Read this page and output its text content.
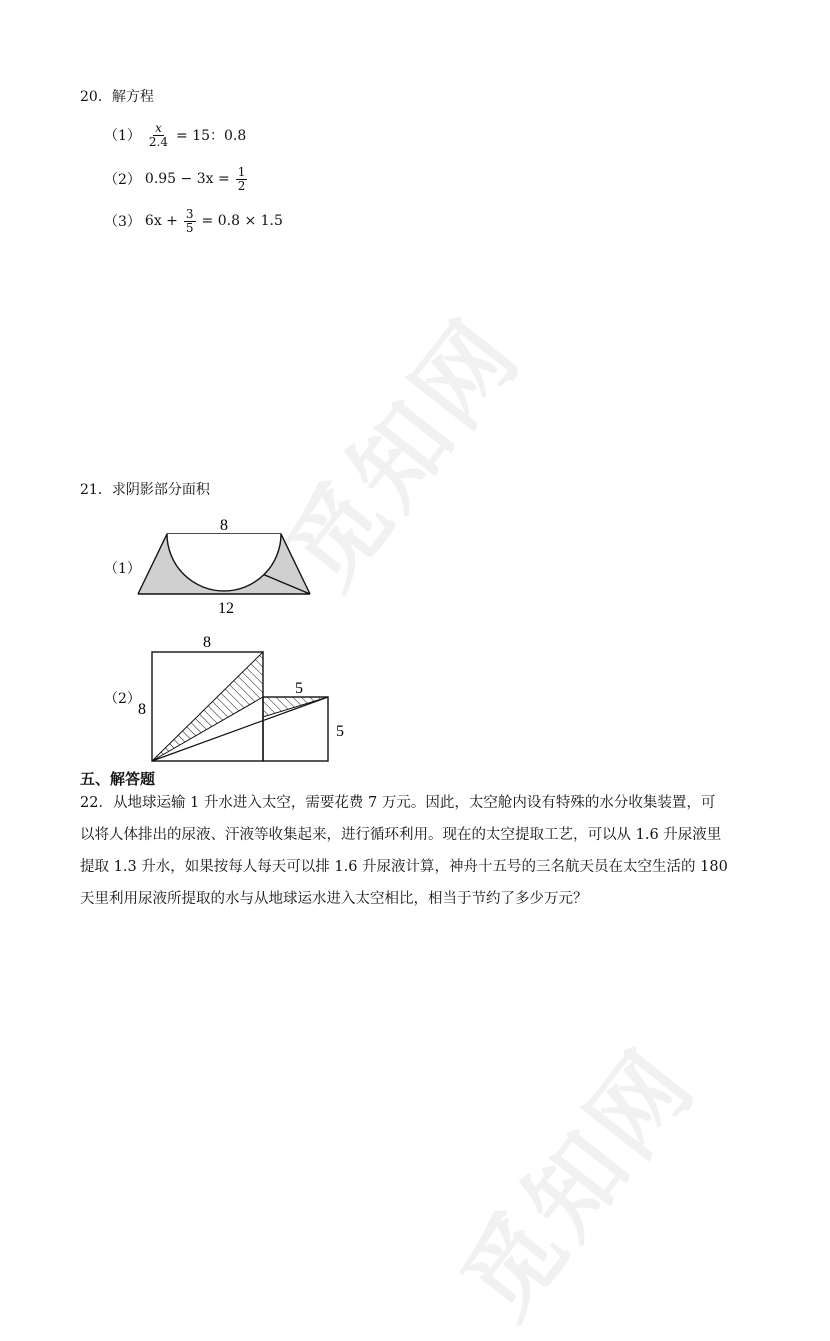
觅知网
觅知网
20．解方程
$(1) \frac{x}{2.4} = 15$：0.8
（2） $0.95 - 3x = \frac{1}{2}$
（3） $6x + \frac{3}{5} = 0.8 \times 1.5$
21．求阴影部分面积
（1）
8
12
（2）
8
8
5
5
五、解答题
22．从地球运输 1 升水进入太空，需要花费 7 万元。因此，太空舱内设有特殊的水分收集装置，可
以将人体排出的尿液、汗液等收集起来，进行循环利用。现在的太空提取工艺，可以从 1.6 升尿液里
提取 1.3 升水，如果按每人每天可以排 1.6 升尿液计算，神舟十五号的三名航天员在太空生活的 180
天里利用尿液所提取的水与从地球运水进入太空相比，相当于节约了多少万元？
